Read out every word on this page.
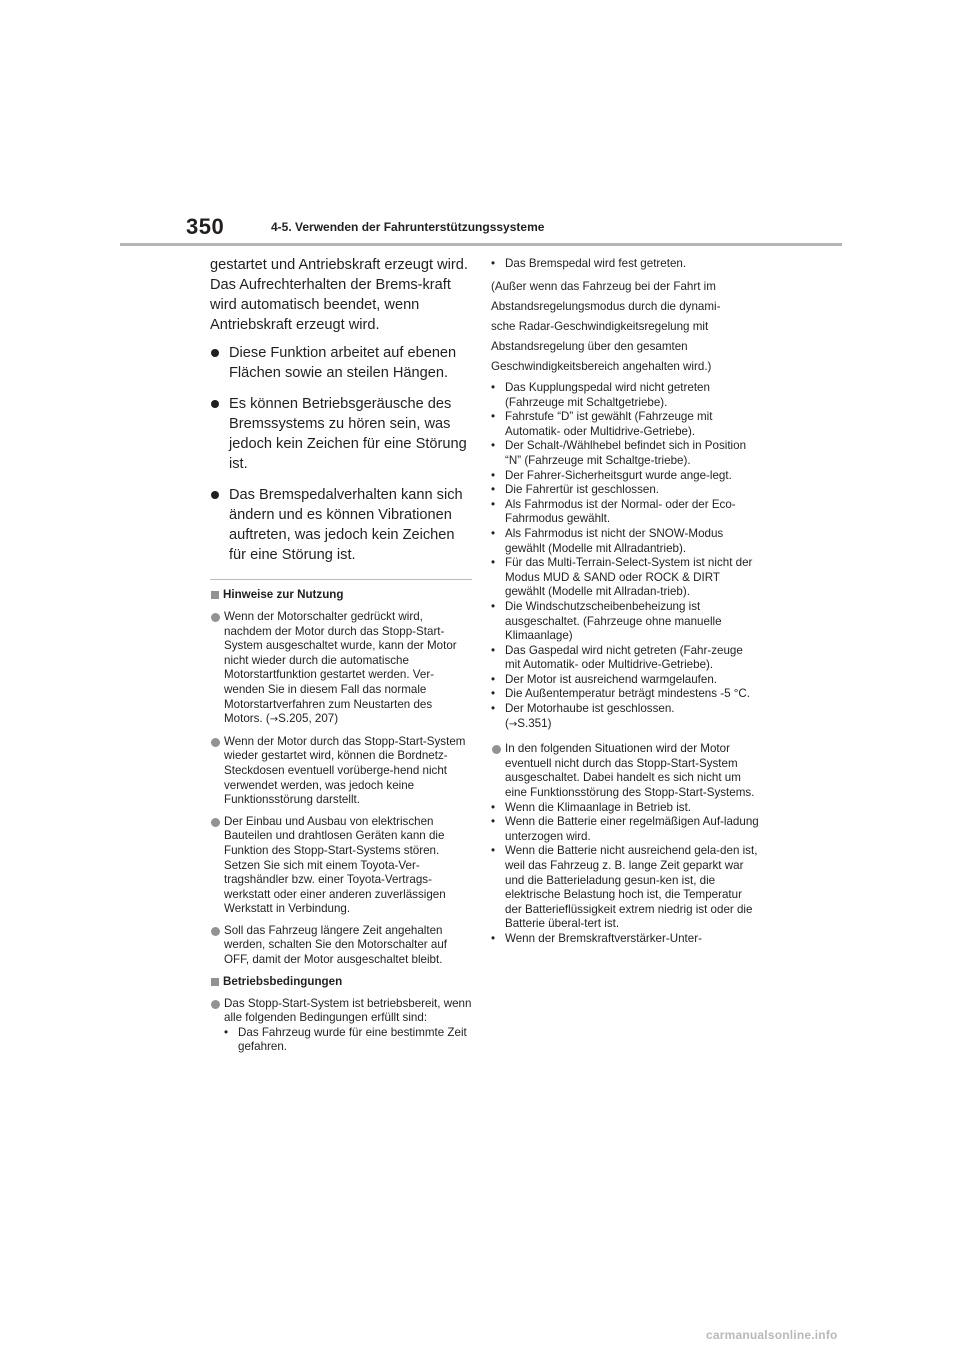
350	4-5. Verwenden der Fahrunterstützungssysteme

gestartet und Antriebskraft erzeugt wird. Das Aufrechterhalten der Brems-kraft wird automatisch beendet, wenn Antriebskraft erzeugt wird.

Diese Funktion arbeitet auf ebenen Flächen sowie an steilen Hängen.
Es können Betriebsgeräusche des Bremssystems zu hören sein, was jedoch kein Zeichen für eine Störung ist.
Das Bremspedalverhalten kann sich ändern und es können Vibrationen auftreten, was jedoch kein Zeichen für eine Störung ist.
Hinweise zur Nutzung
Wenn der Motorschalter gedrückt wird, nachdem der Motor durch das Stopp-Start-System ausgeschaltet wurde, kann der Motor nicht wieder durch die automatische Motorstartfunktion gestartet werden. Ver-wenden Sie in diesem Fall das normale Motorstartverfahren zum Neustarten des Motors. (→S.205, 207)
Wenn der Motor durch das Stopp-Start-System wieder gestartet wird, können die Bordnetz-Steckdosen eventuell vorüberge-hend nicht verwendet werden, was jedoch keine Funktionsstörung darstellt.
Der Einbau und Ausbau von elektrischen Bauteilen und drahtlosen Geräten kann die Funktion des Stopp-Start-Systems stören. Setzen Sie sich mit einem Toyota-Ver-tragshändler bzw. einer Toyota-Vertrags-werkstatt oder einer anderen zuverlässigen Werkstatt in Verbindung.
Soll das Fahrzeug längere Zeit angehalten werden, schalten Sie den Motorschalter auf OFF, damit der Motor ausgeschaltet bleibt.
Betriebsbedingungen
Das Stopp-Start-System ist betriebsbereit, wenn alle folgenden Bedingungen erfüllt sind:
• Das Fahrzeug wurde für eine bestimmte Zeit gefahren.
• Das Bremspedal wird fest getreten.

(Außer wenn das Fahrzeug bei der Fahrt im

Abstandsregelungsmodus durch die dynami-

sche Radar-Geschwindigkeitsregelung mit

Abstandsregelung über den gesamten

Geschwindigkeitsbereich angehalten wird.)

• Das Kupplungspedal wird nicht getreten (Fahrzeuge mit Schaltgetriebe).
• Fahrstufe “D” ist gewählt (Fahrzeuge mit Automatik- oder Multidrive-Getriebe).
• Der Schalt-/Wählhebel befindet sich in Position “N” (Fahrzeuge mit Schaltge-triebe).
• Der Fahrer-Sicherheitsgurt wurde ange-legt.
• Die Fahrertür ist geschlossen.
• Als Fahrmodus ist der Normal- oder der Eco-Fahrmodus gewählt.
• Als Fahrmodus ist nicht der SNOW-Modus gewählt (Modelle mit Allradantrieb).
• Für das Multi-Terrain-Select-System ist nicht der Modus MUD & SAND oder ROCK & DIRT gewählt (Modelle mit Allradan-trieb).
• Die Windschutzscheibenbeheizung ist ausgeschaltet. (Fahrzeuge ohne manuelle Klimaanlage)
• Das Gaspedal wird nicht getreten (Fahr-zeuge mit Automatik- oder Multidrive-Getriebe).
• Der Motor ist ausreichend warmgelaufen.
• Die Außentemperatur beträgt mindestens -5 °C.
• Der Motorhaube ist geschlossen.
(→S.351)
In den folgenden Situationen wird der Motor eventuell nicht durch das Stopp-Start-System ausgeschaltet. Dabei handelt es sich nicht um eine Funktionsstörung des Stopp-Start-Systems.
• Wenn die Klimaanlage in Betrieb ist.
• Wenn die Batterie einer regelmäßigen Auf-ladung unterzogen wird.
• Wenn die Batterie nicht ausreichend gela-den ist, weil das Fahrzeug z. B. lange Zeit geparkt war und die Batterieladung gesun-ken ist, die elektrische Belastung hoch ist, die Temperatur der Batterieflüssigkeit extrem niedrig ist oder die Batterie überal-tert ist.
• Wenn der Bremskraftverstärker-Unter-
carmanualsonline.info
